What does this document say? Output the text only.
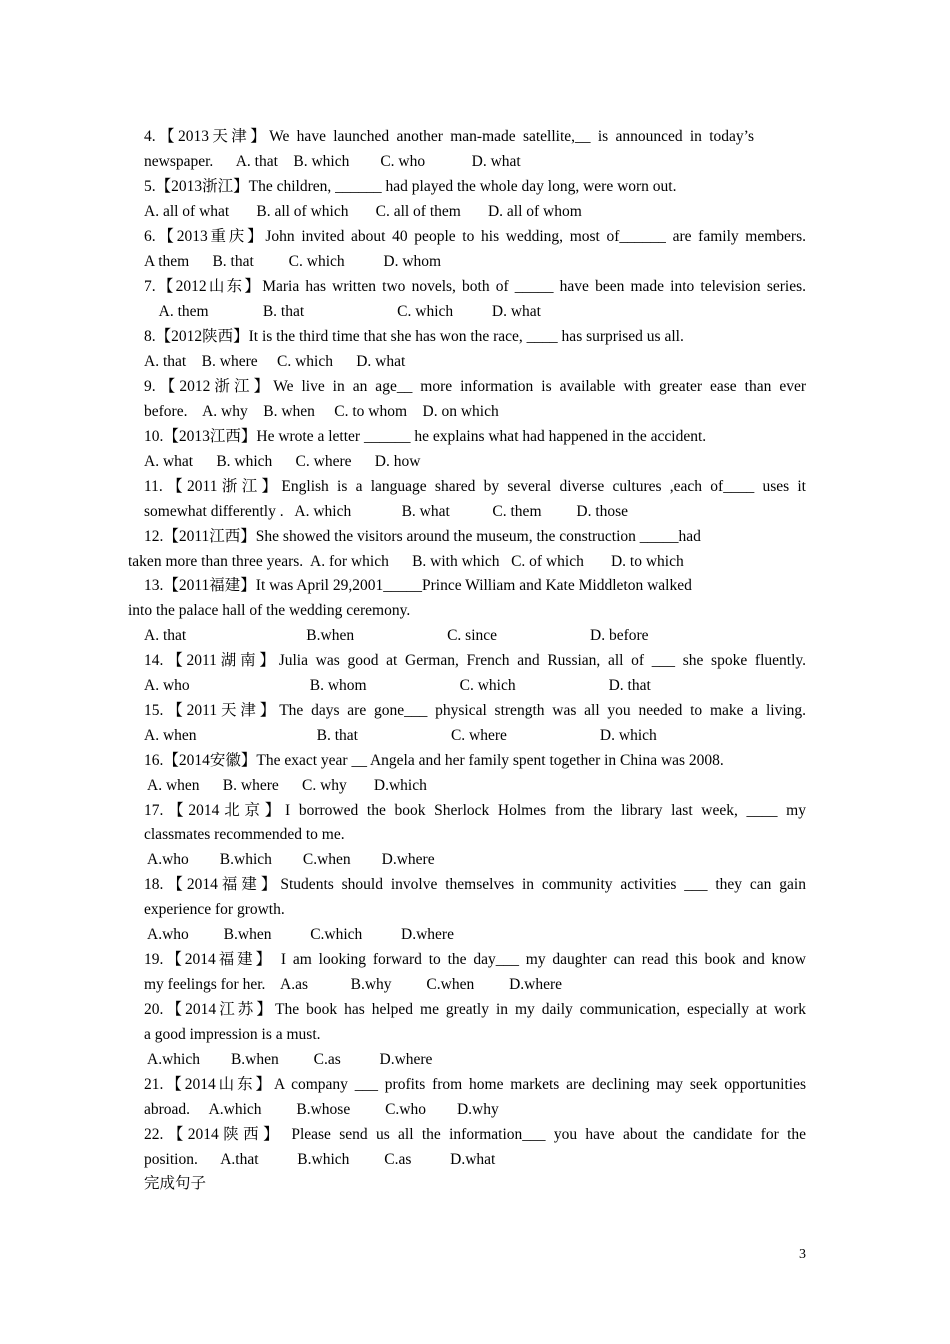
4.【2013天津】We have launched another man-made satellite,__ is announced in today’s
newspaper.      A. that    B. which        C. who            D. what
5.【2013浙江】The children, ______ had played the whole day long, were worn out.
A. all of what       B. all of which       C. all of them       D. all of whom
6.【2013重庆】John invited about 40 people to his wedding, most of______ are family members.
A them      B. that         C. which          D. whom
7.【2012山东】Maria has written two novels, both of _____ have been made into television series.
A. them              B. that                        C. which          D. what
8.【2012陕西】It is the third time that she has won the race, ____ has surprised us all.
A. that    B. where     C. which      D. what
9.【2012浙江】We live in an age__ more information is available with greater ease than ever
before.    A. why    B. when     C. to whom    D. on which
10.【2013江西】He wrote a letter ______ he explains what had happened in the accident.
A. what      B. which      C. where      D. how
11.【2011浙江】English is a language shared by several diverse cultures ,each of____ uses it
somewhat differently .   A. which             B. what           C. them         D. those
12.【2011江西】She showed the visitors around the museum, the construction _____had
taken more than three years.  A. for which      B. with which   C. of which       D. to which
13.【2011福建】It was April 29,2001_____Prince William and Kate Middleton walked
into the palace hall of the wedding ceremony.
A. that                               B.when                        C. since                        D. before
14.【2011湖南】Julia was good at German, French and Russian, all of ___ she spoke fluently.
A. who                               B. whom                        C. which                        D. that
15.【2011天津】The days are gone___ physical strength was all you needed to make a living.
A. when                               B. that                        C. where                        D. which
16.【2014安徽】The exact year __ Angela and her family spent together in China was 2008.
A. when      B. where      C. why       D.which
17.【2014北京】I borrowed the book Sherlock Holmes from the library last week, ____ my
classmates recommended to me.
A.who        B.which        C.when        D.where
18.【2014福建】Students should involve themselves in community activities ___ they can gain
experience for growth.
A.who         B.when          C.which          D.where
19.【2014福建】 I am looking forward to the day___ my daughter can read this book and know
my feelings for her.    A.as           B.why         C.when         D.where
20.【2014江苏】The book has helped me greatly in my daily communication, especially at work
a good impression is a must.
A.which        B.when         C.as          D.where
21.【2014山东】A company ___ profits from home markets are declining may seek opportunities
abroad.     A.which         B.whose         C.who        D.why
22.【2014陕西】 Please send us all the information___ you have about the candidate for the
position.      A.that          B.which         C.as          D.what
完成句子
3
